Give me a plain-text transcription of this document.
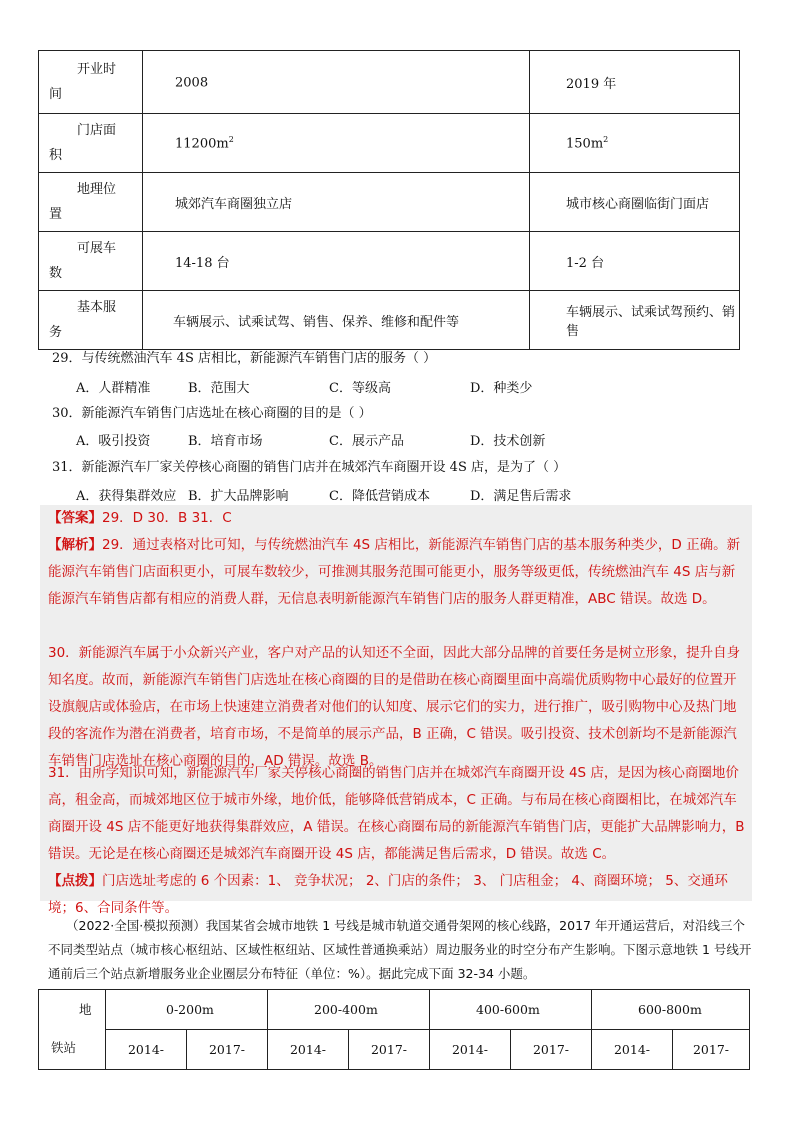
开业时
间	2008	2019 年

门店面
积	$11200m^2$	$150m^2$

地理位
置	城郊汽车商圈独立店	城市核心商圈临街门面店

可展车
数	14-18 台	1-2 台

基本服
务	车辆展示、试乘试驾、销售、保养、维修和配件等	车辆展示、试乘试驾预约、销售
29．与传统燃油汽车 4S 店相比，新能源汽车销售门店的服务（ ）
A．人群精准	B．范围大	C．等级高	D．种类少
30．新能源汽车销售门店选址在核心商圈的目的是（ ）
A．吸引投资	B．培育市场	C．展示产品	D．技术创新
31．新能源汽车厂家关停核心商圈的销售门店并在城郊汽车商圈开设 4S 店，是为了（ ）
A．获得集群效应 B．扩大品牌影响	C．降低营销成本	D．满足售后需求
【答案】29．D 30．B 31．C
【解析】29．通过表格对比可知，与传统燃油汽车 4S 店相比，新能源汽车销售门店的基本服务种类少，D 正确。新能源汽车销售门店面积更小，可展车数较少，可推测其服务范围可能更小，服务等级更低，传统燃油汽车 4S 店与新能源汽车销售店都有相应的消费人群，无信息表明新能源汽车销售门店的服务人群更精准，ABC 错误。故选 D。
30．新能源汽车属于小众新兴产业，客户对产品的认知还不全面，因此大部分品牌的首要任务是树立形象，提升自身知名度。故而，新能源汽车销售门店选址在核心商圈的目的是借助在核心商圈里面中高端优质购物中心最好的位置开设旗舰店或体验店，在市场上快速建立消费者对他们的认知度、展示它们的实力，进行推广，吸引购物中心及热门地段的客流作为潜在消费者，培育市场，不是简单的展示产品，B 正确，C 错误。吸引投资、技术创新均不是新能源汽车销售门店选址在核心商圈的目的，AD 错误。故选 B。
31．由所学知识可知，新能源汽车厂家关停核心商圈的销售门店并在城郊汽车商圈开设 4S 店，是因为核心商圈地价高，租金高，而城郊地区位于城市外缘，地价低，能够降低营销成本，C 正确。与布局在核心商圈相比，在城郊汽车商圈开设 4S 店不能更好地获得集群效应，A 错误。在核心商圈布局的新能源汽车销售门店，更能扩大品牌影响力，B 错误。无论是在核心商圈还是城郊汽车商圈开设 4S 店，都能满足售后需求，D 错误。故选 C。
【点拨】门店选址考虑的 6 个因素：1、 竞争状况； 2、门店的条件； 3、 门店租金； 4、商圈环境； 5、交通环境；6、合同条件等。
（2022·全国·模拟预测）我国某省会城市地铁 1 号线是城市轨道交通骨架网的核心线路，2017 年开通运营后，对沿线三个不同类型站点（城市核心枢纽站、区域性枢纽站、区域性普通换乘站）周边服务业的时空分布产生影响。下图示意地铁 1 号线开通前后三个站点新增服务业企业圈层分布特征（单位：%）。据此完成下面 32-34 小题。
地
铁站	0-200m		200-400m		400-600m		600-800m	
	2014-	2017-	2014-	2017-	2014-	2017-	2014-	2017-
